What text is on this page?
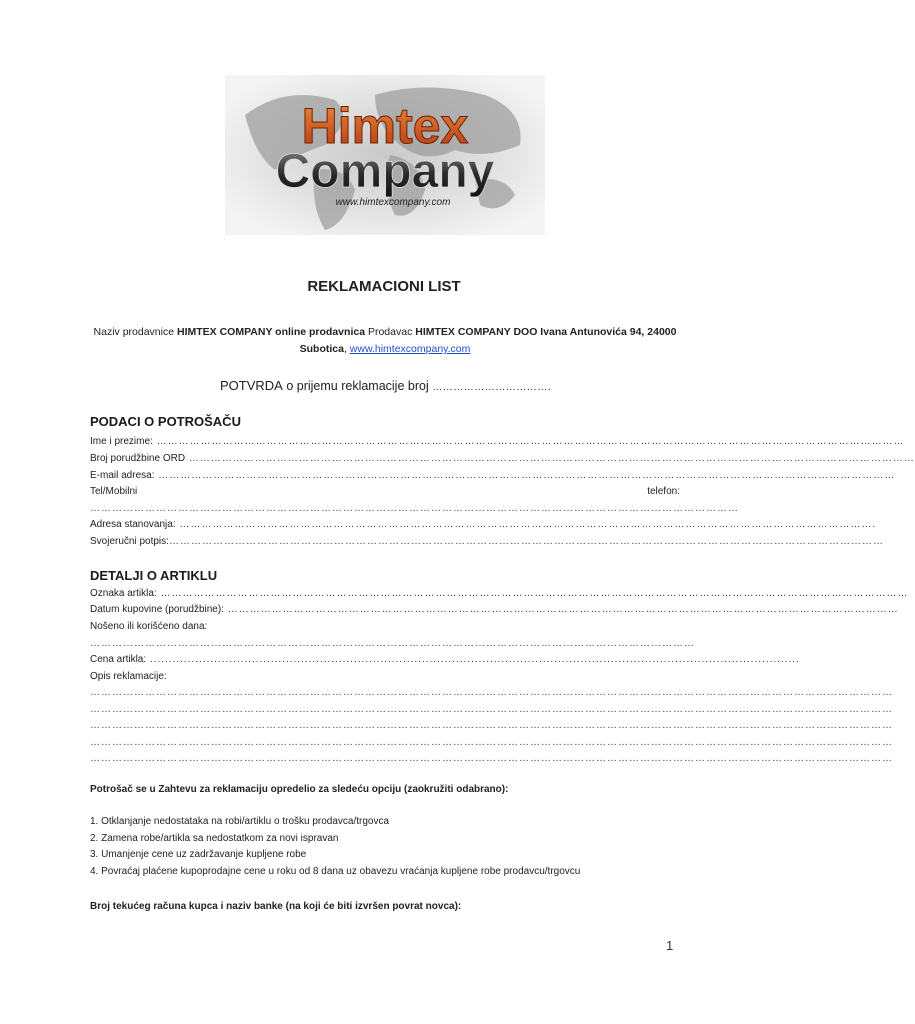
Himtex
Company
www.himtexcompany.com
REKLAMACIONI LIST
Naziv prodavnice HIMTEX COMPANY online prodavnica Prodavac HIMTEX COMPANY DOO Ivana Antunovića 94, 24000 Subotica, www.himtexcompany.com
POTVRDA o prijemu reklamacije broj …………………………….
PODACI O POTROŠAČU
Ime i prezime: ……………………………………………………………………………………………………………………………………………………………………………………
Broj porudžbine ORD ………………………………………………………………………………………………………………………………………………………………………………
E-mail adresa: …………………………………………………………………………………………………………………………………………………………………………………
Tel/Mobilni	telefon:
……………………………………………………………………………………………………………………………………………………………
Adresa stanovanja: ……………………………………………………………………………………………………………………………………………………………………….
Svojeručni potpis:……………………………………………………………………………………………………………………………………………………………………………
DETALJI O ARTIKLU
Oznaka artikla: ……………………………………………………………………………………………………………………………………………………………………………………
Datum kupovine (porudžbine): …………………………………………………………………………………………………………………………………………………………………
Nošeno ili korišćeno dana:
…………………………………………………………………………………………………………………………………………………
Cena artikla: ............................................................................................................................................................................
Opis reklamacije:
…………………………………………………………………………………………………………………………………………………………………………………………………
…………………………………………………………………………………………………………………………………………………………………………………………………
…………………………………………………………………………………………………………………………………………………………………………………………………
…………………………………………………………………………………………………………………………………………………………………………………………………
…………………………………………………………………………………………………………………………………………………………………………………………………
Potrošač se u Zahtevu za reklamaciju opredelio za sledeću opciju (zaokružiti odabrano):
1. Otklanjanje nedostataka na robi/artiklu o trošku prodavca/trgovca
2. Zamena robe/artikla sa nedostatkom za novi ispravan
3. Umanjenje cene uz zadržavanje kupljene robe
4. Povraćaj plaćene kupoprodajne cene u roku od 8 dana uz obavezu vraćanja kupljene robe prodavcu/trgovcu
Broj tekućeg računa kupca i naziv banke (na koji će biti izvršen povrat novca):
1
